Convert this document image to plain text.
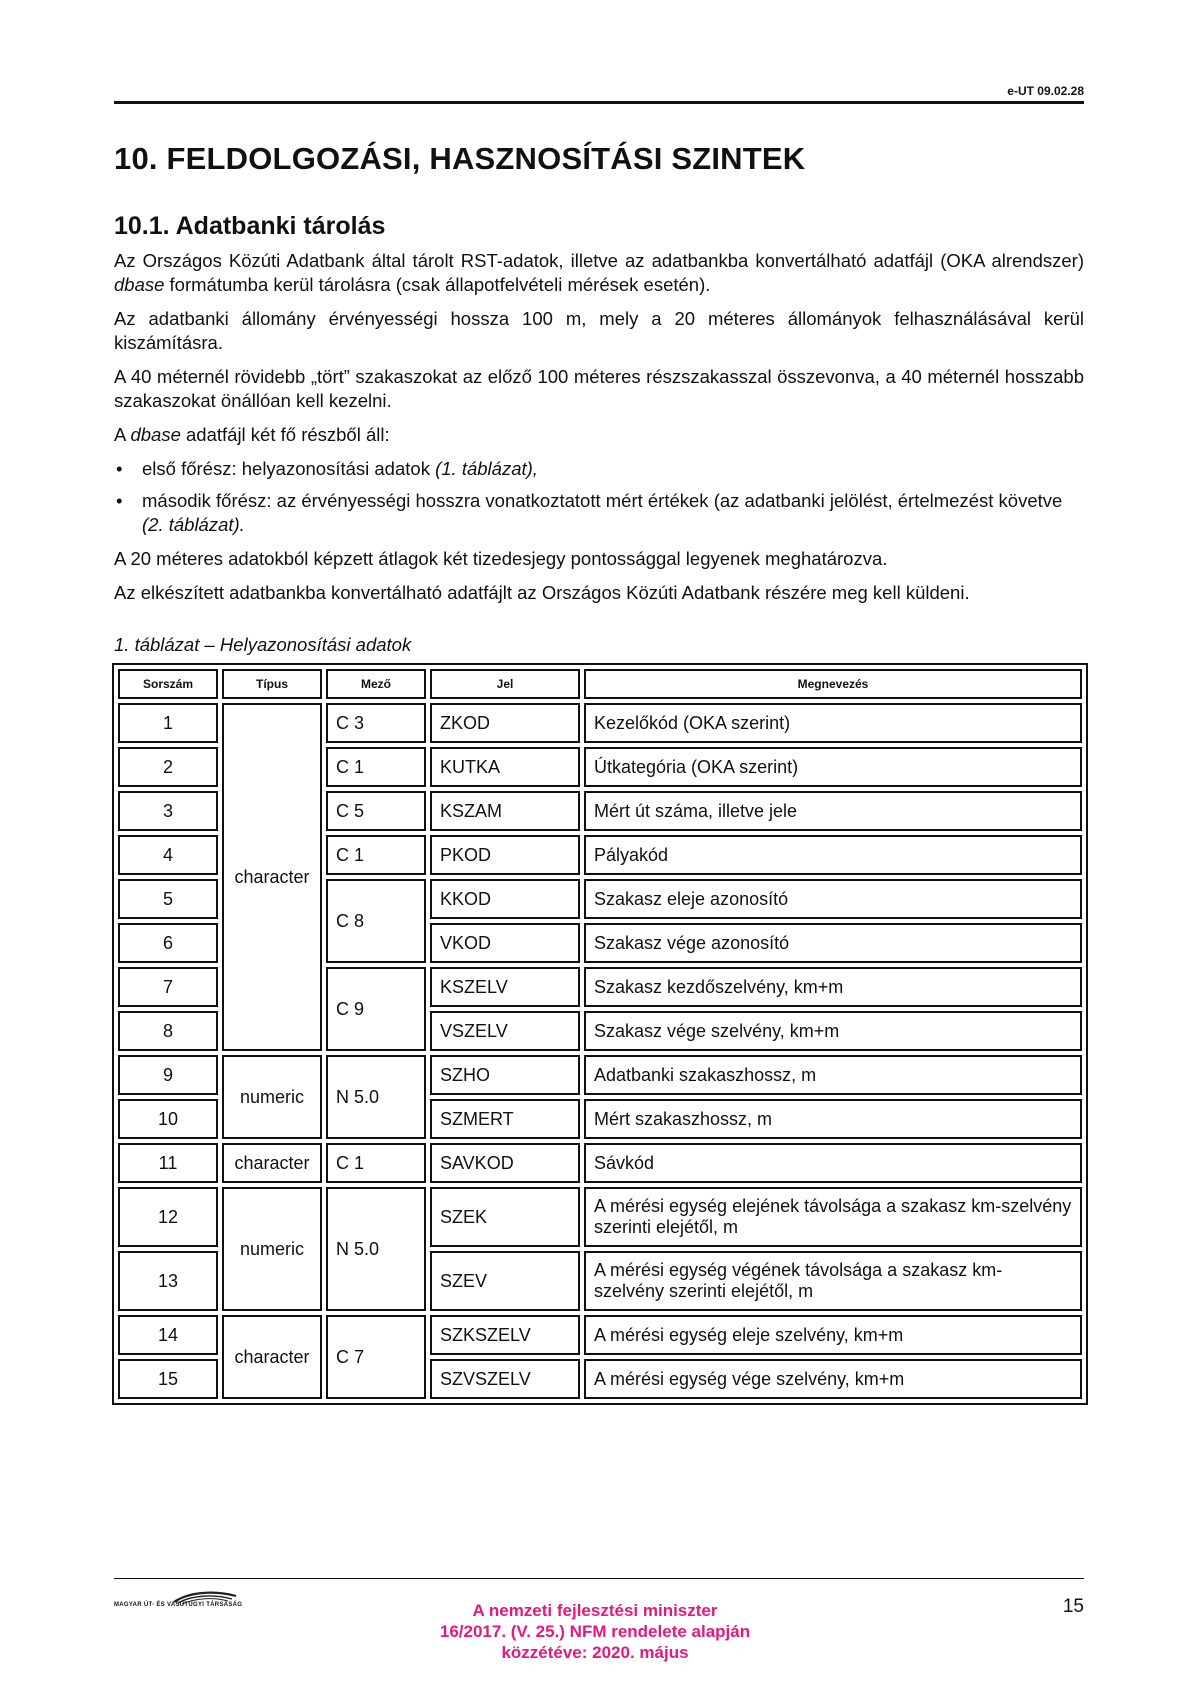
e-UT 09.02.28
10. FELDOLGOZÁSI, HASZNOSÍTÁSI SZINTEK
10.1. Adatbanki tárolás

Az Országos Közúti Adatbank által tárolt RST-adatok, illetve az adatbankba konvertálható adatfájl (OKA alrendszer) dbase formátumba kerül tárolásra (csak állapotfelvételi mérések esetén).

Az adatbanki állomány érvényességi hossza 100 m, mely a 20 méteres állományok felhasználásával kerül kiszámításra.

A 40 méternél rövidebb „tört” szakaszokat az előző 100 méteres részszakasszal összevonva, a 40 méternél hosszabb szakaszokat önállóan kell kezelni.

A dbase adatfájl két fő részből áll:

• első főrész: helyazonosítási adatok (1. táblázat),
• második főrész: az érvényességi hosszra vonatkoztatott mért értékek (az adatbanki jelölést, értelmezést követve (2. táblázat).

A 20 méteres adatokból képzett átlagok két tizedesjegy pontossággal legyenek meghatározva.

Az elkészített adatbankba konvertálható adatfájlt az Országos Közúti Adatbank részére meg kell küldeni.

1. táblázat – Helyazonosítási adatok
Sorszám	Típus	Mező	Jel	Megnevezés
1	character	C 3	ZKOD	Kezelőkód (OKA szerint)
2		C 1	KUTKA	Útkategória (OKA szerint)
3		C 5	KSZAM	Mért út száma, illetve jele
4		C 1	PKOD	Pályakód
5		C 8	KKOD	Szakasz eleje azonosító
6			VKOD	Szakasz vége azonosító
7		C 9	KSZELV	Szakasz kezdőszelvény, km+m
8			VSZELV	Szakasz vége szelvény, km+m
9	numeric	N 5.0	SZHO	Adatbanki szakaszhossz, m
10			SZMERT	Mért szakaszhossz, m
11	character	C 1	SAVKOD	Sávkód
12	numeric	N 5.0	SZEK	A mérési egység elejének távolsága a szakasz km-szelvény szerinti elejétől, m
13			SZEV	A mérési egység végének távolsága a szakasz km-szelvény szerinti elejétől, m
14	character	C 7	SZKSZELV	A mérési egység eleje szelvény, km+m
15			SZVSZELV	A mérési egység vége szelvény, km+m
MAGYAR ÚT- ÉS VASÚTÜGYI TÁRSASÁG	A nemzeti fejlesztési miniszter
16/2017. (V. 25.) NFM rendelete alapján
közzétéve: 2020. május
15
